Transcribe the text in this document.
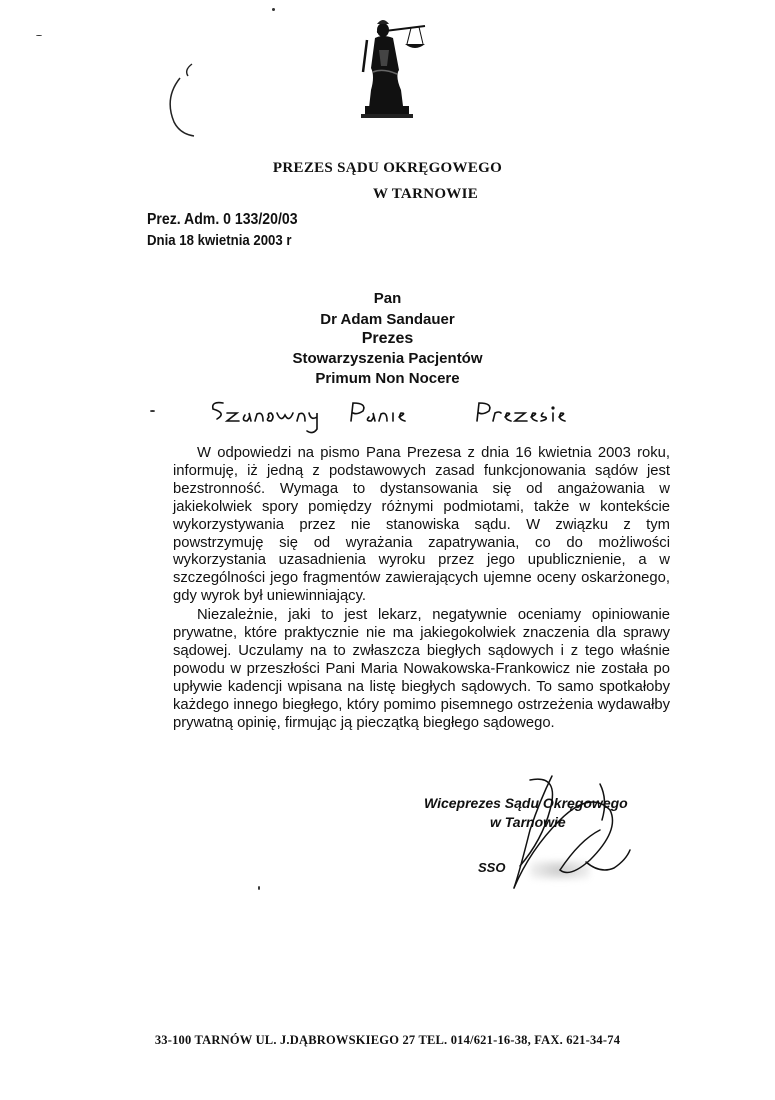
PREZES SĄDU OKRĘGOWEGO
W TARNOWIE
Prez. Adm. 0 133/20/03
Dnia 18 kwietnia 2003 r
Pan
Dr Adam Sandauer
Prezes
Stowarzyszenia Pacjentów
Primum Non Nocere

W odpowiedzi na pismo Pana Prezesa z dnia 16 kwietnia 2003 roku, informuję, iż jedną z podstawowych zasad funkcjonowania sądów jest bezstronność. Wymaga to dystansowania się od angażowania w jakiekolwiek spory pomiędzy różnymi podmiotami, także w kontekście wykorzystywania przez nie stanowiska sądu. W związku z tym powstrzymuję się od wyrażania zapatrywania, co do możliwości wykorzystania uzasadnienia wyroku przez jego upublicznienie, a w szczególności jego fragmentów zawierających ujemne oceny oskarżonego, gdy wyrok był uniewinniający.

Niezależnie, jaki to jest lekarz, negatywnie oceniamy opiniowanie prywatne, które praktycznie nie ma jakiegokolwiek znaczenia dla sprawy sądowej. Uczulamy na to zwłaszcza biegłych sądowych i z tego właśnie powodu w przeszłości Pani Maria Nowakowska-Frankowicz nie została po upływie kadencji wpisana na listę biegłych sądowych. To samo spotkałoby każdego innego biegłego, który pomimo pisemnego ostrzeżenia wydawałby prywatną opinię, firmując ją pieczątką biegłego sądowego.

Wiceprezes Sądu Okręgowego
w Tarnowie
SSO
33-100 TARNÓW UL. J.DĄBROWSKIEGO 27 TEL. 014/621-16-38, FAX. 621-34-74
